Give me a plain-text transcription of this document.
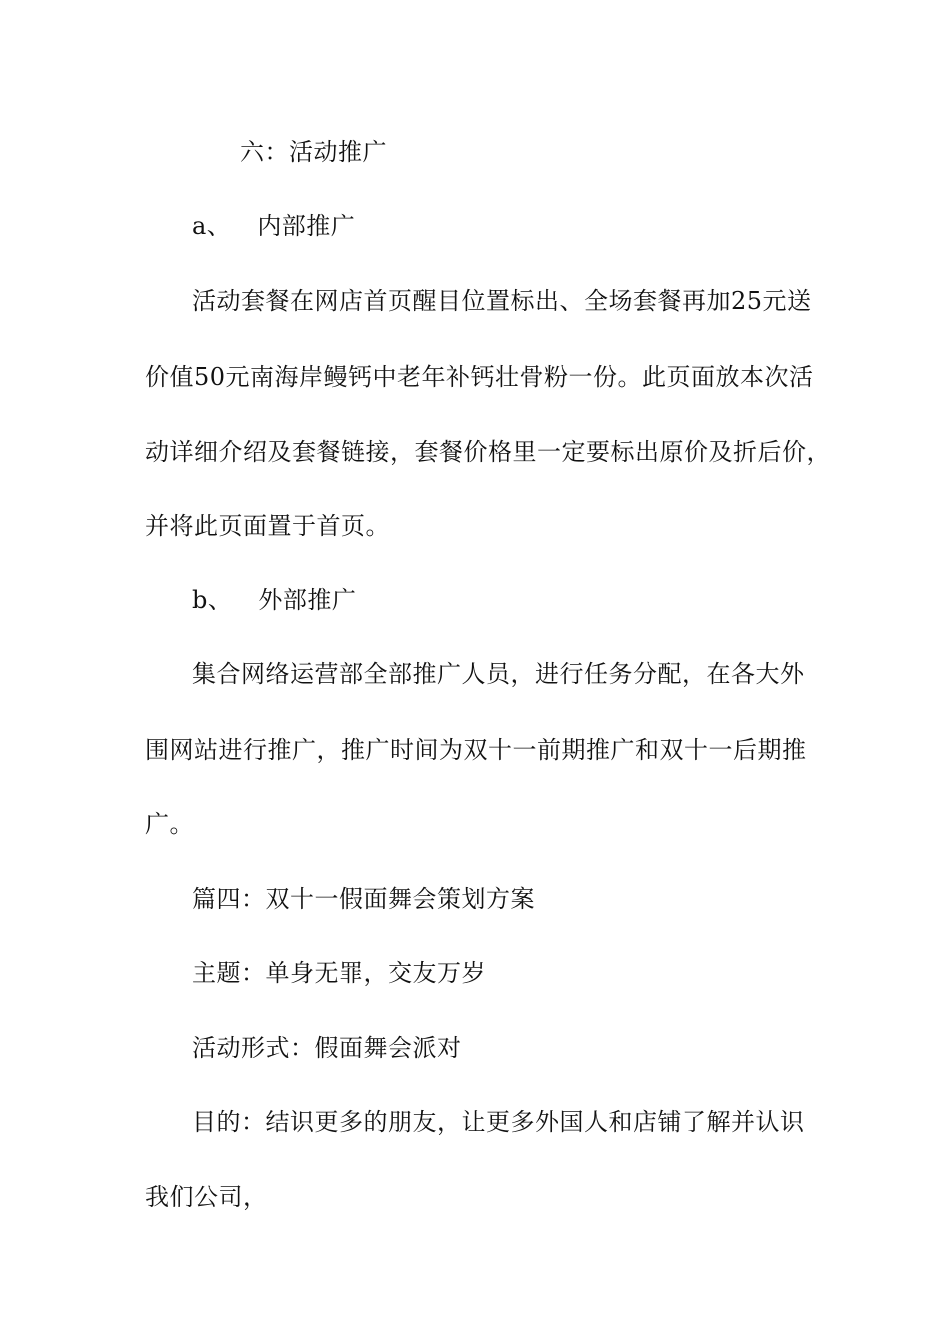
六：活动推广
a、 内部推广
活动套餐在网店首页醒目位置标出、全场套餐再加25元送
价值50元南海岸鳗钙中老年补钙壮骨粉一份。此页面放本次活
动详细介绍及套餐链接，套餐价格里一定要标出原价及折后价，
并将此页面置于首页。
b、 外部推广
集合网络运营部全部推广人员，进行任务分配，在各大外
围网站进行推广，推广时间为双十一前期推广和双十一后期推
广。
篇四：双十一假面舞会策划方案
主题：单身无罪，交友万岁
活动形式：假面舞会派对
目的：结识更多的朋友，让更多外国人和店铺了解并认识
我们公司，
